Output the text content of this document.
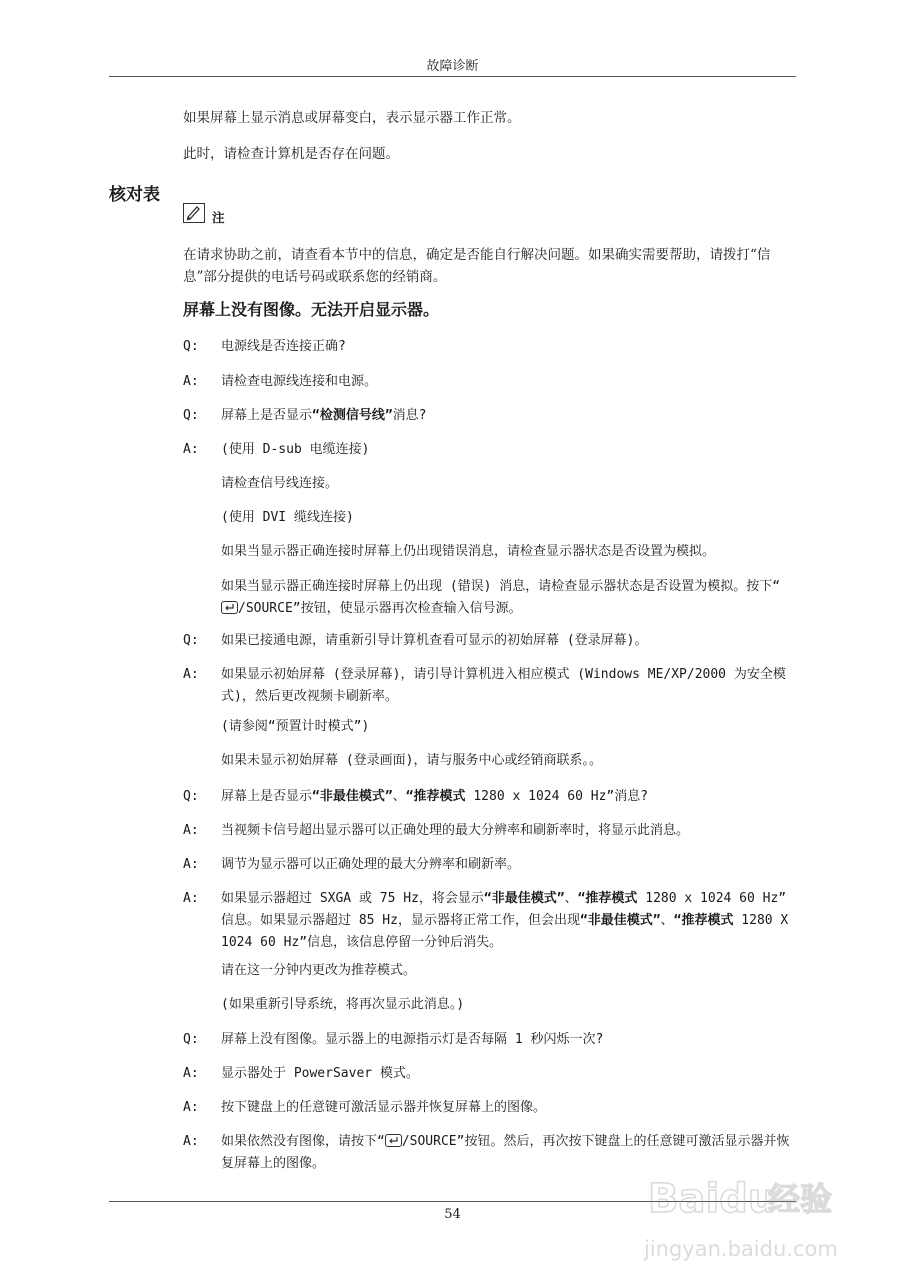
故障诊断
如果屏幕上显示消息或屏幕变白，表示显示器工作正常。
此时，请检查计算机是否存在问题。
核对表
注
在请求协助之前，请查看本节中的信息，确定是否能自行解决问题。如果确实需要帮助，请拨打“信息”部分提供的电话号码或联系您的经销商。
屏幕上没有图像。无法开启显示器。
Q:	电源线是否连接正确?
A:	请检查电源线连接和电源。
Q:	屏幕上是否显示“检测信号线”消息?
A:	(使用 D-sub 电缆连接)
请检查信号线连接。
(使用 DVI 缆线连接)
如果当显示器正确连接时屏幕上仍出现错误消息，请检查显示器状态是否设置为模拟。
如果当显示器正确连接时屏幕上仍出现 (错误) 消息，请检查显示器状态是否设置为模拟。按下“
/SOURCE”按钮，使显示器再次检查输入信号源。
Q:	如果已接通电源，请重新引导计算机查看可显示的初始屏幕 (登录屏幕)。
A:	如果显示初始屏幕 (登录屏幕)，请引导计算机进入相应模式 (Windows ME/XP/2000 为安全模式)，然后更改视频卡刷新率。
(请参阅“预置计时模式”)
如果未显示初始屏幕 (登录画面)，请与服务中心或经销商联系。。
Q:	屏幕上是否显示“非最佳模式”、“推荐模式 1280 x 1024 60 Hz”消息?
A:	当视频卡信号超出显示器可以正确处理的最大分辨率和刷新率时，将显示此消息。
A:	调节为显示器可以正确处理的最大分辨率和刷新率。
A:	如果显示器超过 SXGA 或 75 Hz，将会显示“非最佳模式”、“推荐模式 1280 x 1024 60 Hz” 信息。如果显示器超过 85 Hz，显示器将正常工作，但会出现“非最佳模式”、“推荐模式 1280 X 1024 60 Hz”信息，该信息停留一分钟后消失。
请在这一分钟内更改为推荐模式。
(如果重新引导系统，将再次显示此消息。)
Q:	屏幕上没有图像。显示器上的电源指示灯是否每隔 1 秒闪烁一次?
A:	显示器处于 PowerSaver 模式。
A:	按下键盘上的任意键可激活显示器并恢复屏幕上的图像。
A:	如果依然没有图像，请按下“ /SOURCE”按钮。然后，再次按下键盘上的任意键可激活显示器并恢复屏幕上的图像。
54	Baidu
经验
jingyan.baidu.com
